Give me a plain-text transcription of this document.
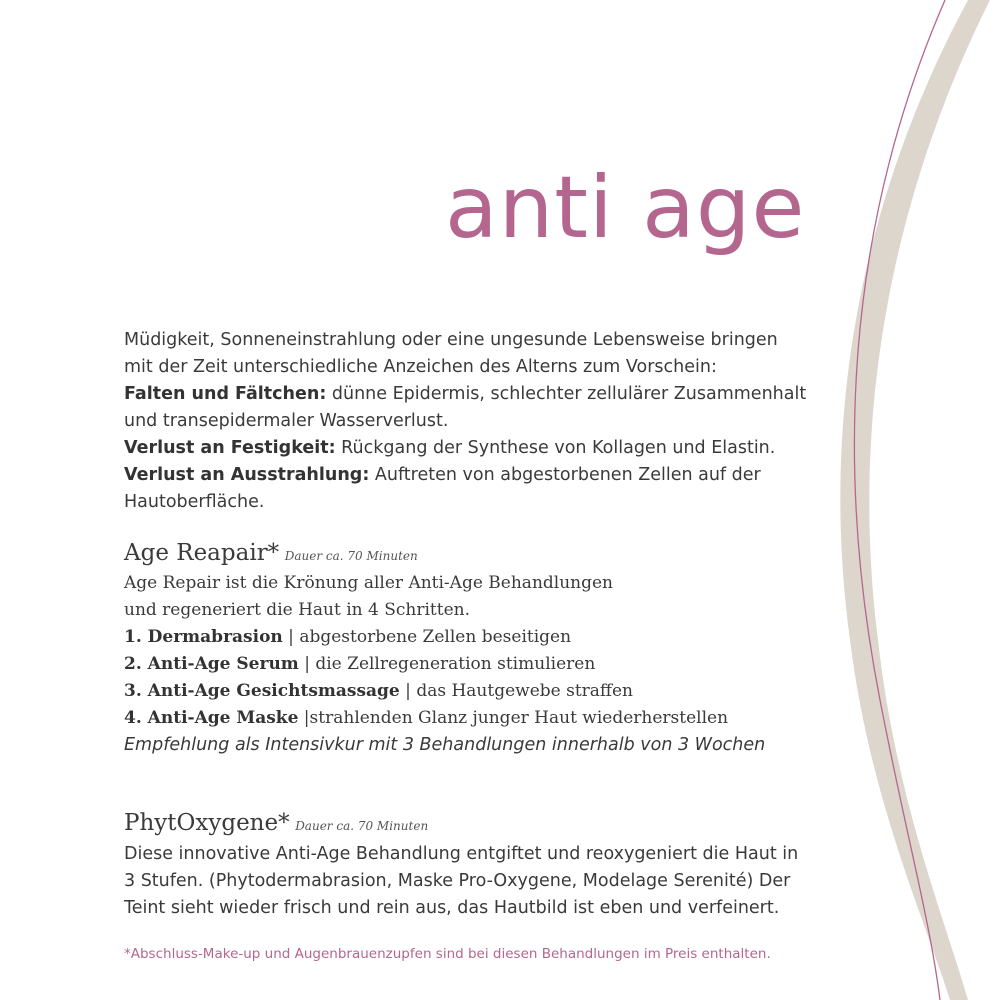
anti age
Müdigkeit, Sonneneinstrahlung oder eine ungesunde Lebensweise bringen
mit der Zeit unterschiedliche Anzeichen des Alterns zum Vorschein:
Falten und Fältchen: dünne Epidermis, schlechter zellulärer Zusammenhalt
und transepidermaler Wasserverlust.
Verlust an Festigkeit: Rückgang der Synthese von Kollagen und Elastin.
Verlust an Ausstrahlung: Auftreten von abgestorbenen Zellen auf der
Hautoberfläche.
Age Reapair* Dauer ca. 70 Minuten
Age Repair ist die Krönung aller Anti-Age Behandlungen
und regeneriert die Haut in 4 Schritten.
1. Dermabrasion | abgestorbene Zellen beseitigen
2. Anti-Age Serum | die Zellregeneration stimulieren
3. Anti-Age Gesichtsmassage | das Hautgewebe straffen
4. Anti-Age Maske |strahlenden Glanz junger Haut wiederherstellen
Empfehlung als Intensivkur mit 3 Behandlungen innerhalb von 3 Wochen
PhytOxygene* Dauer ca. 70 Minuten
Diese innovative Anti-Age Behandlung entgiftet und reoxygeniert die Haut in
3 Stufen. (Phytodermabrasion, Maske Pro-Oxygene, Modelage Serenité) Der
Teint sieht wieder frisch und rein aus, das Hautbild ist eben und verfeinert.
*Abschluss-Make-up und Augenbrauenzupfen sind bei diesen Behandlungen im Preis enthalten.
